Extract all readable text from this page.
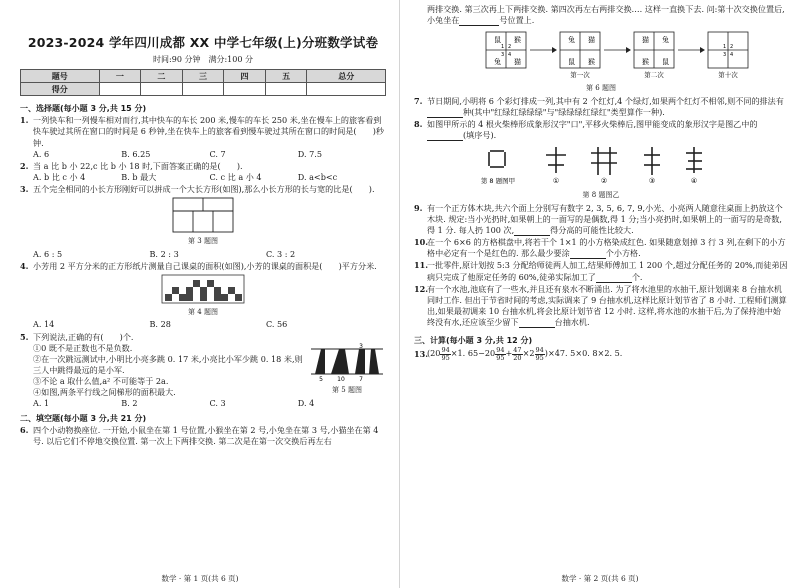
2023-2024 学年四川成都 XX 中学七年级(上)分班数学试卷
时间:90 分钟　满分:100 分
题号	一	二	三	四	五	总分
得分						
一、选择题(每小题 3 分,共 15 分)
1. 一列快车和一列慢车相对而行,其中快车的车长 200 米,慢车的车长 250 米,坐在慢车上的旅客看到快车驶过其所在窗口的时间是 6 秒钟,坐在快车上的旅客看到慢车驶过其所在窗口的时间是(　　)秒钟.
A. 6	B. 6.25	C. 7	D. 7.5
2. 当 a 比 b 小 22,c 比 b 小 18 时,下面答案正确的是(　　).
A. b 比 c 小 4	B. b 最大	C. c 比 a 小 4	D. a<b<c
3. 五个完全相同的小长方形刚好可以拼成一个大长方形(如图),那么小长方形的长与宽的比是(　　).
第 3 题图
A. 6 : 5	B. 2 : 3	C. 3 : 2
4. 小芳用 2 平方分米的正方形纸片测量自己课桌的面积(如图),小芳的课桌的面积是(　　)平方分米.
第 4 题图
A. 14	B. 28	C. 56
5. 下列说法,正确的有(　　)个.
①0 既不是正数也不是负数.
②在一次跳远测试中,小明比小亮多跳 0. 17 米,小亮比小军少跳 0. 18 米,则三人中跳得最远的是小军.
③不论 a 取什么值,a² 不可能等于 2a.
④如图,两条平行线之间梯形的面积最大.
3
5 10 7
第 5 题图
A. 1	B. 2	C. 3	D. 4
二、填空题(每小题 3 分,共 21 分)
6. 四个小动物换座位. 一开始,小鼠坐在第 1 号位置,小猴坐在第 2 号,小兔坐在第 3 号,小猫坐在第 4 号. 以后它们不停地交换位置. 第一次上下两排交换. 第二次是在第一次交换后再左右
数学 · 第 1 页(共 6 页)
两排交换. 第三次再上下两排交换. 第四次再左右两排交换…. 这样一直换下去. 问:第十次交换位置后,小兔坐在	号位置上.
鼠 猴
兔 猫
1 2
3 4
兔 猫
鼠 猴
第一次
猫 兔
猴 鼠
第二次
1 2
3 4
第十次
第 6 题图
7. 节日期间,小明将 6 个彩灯排成一列,其中有 2 个红灯,4 个绿灯,如果两个红灯不相邻,则不同的排法有种(其中"红绿红绿绿绿"与"绿绿绿红绿红"类型算作一种).
8. 如图甲所示的 4 根火柴棒形成象形汉字"口",平移火柴棒后,图甲能变成的象形汉字是图乙中的(填序号).
第 8 题图甲	①	②	③	④
第 8 题图乙
9. 有一个正方体木块,共六个面上分别写有数字 2, 3, 5, 6, 7, 9,小光、小亮两人随意往桌面上扔放这个木块. 规定:当小光扔时,如果朝上的一面写的是偶数,得 1 分;当小亮扔时,如果朝上的一面写的是奇数,得 1 分. 每人扔 100 次,	得分高的可能性比较大.
10.
在一个 6×6 的方格棋盘中,将若干个 1×1 的小方格染成红色. 如果随意划掉 3 行 3 列,在剩下的小方格中必定有一个是红色的. 那么最少要涂	个小方格.
11.
一批零件,原计划按 5:3 分配给师徒两人加工,结果师傅加工 1 200 个,超过分配任务的 20%,而徒弟因病只完成了他原定任务的 60%,徒弟实际加工了	个.
12.
有一个水池,池底有了一些水,并且还有泉水不断涌出. 为了将水池里的水抽干,原计划调来 8 台抽水机同时工作. 但出于节省时间的考虑,实际调来了 9 台抽水机,这样比原计划节省了 8 小时. 工程师们测算出,如果最初调来 10 台抽水机,将会比原计划节省 12 小时. 这样,将水池的水抽干后,为了保持池中始终没有水,还应该至少留下	台抽水机.
三、计算(每小题 3 分,共 12 分)
13.
($20 \frac{94}{95} \times 1$. $65-20 \frac{94}{95} + \frac{47}{20} \times 2 \frac{94}{95} )\times 47$. 5×0. 8×2. 5.
数学 · 第 2 页(共 6 页)
